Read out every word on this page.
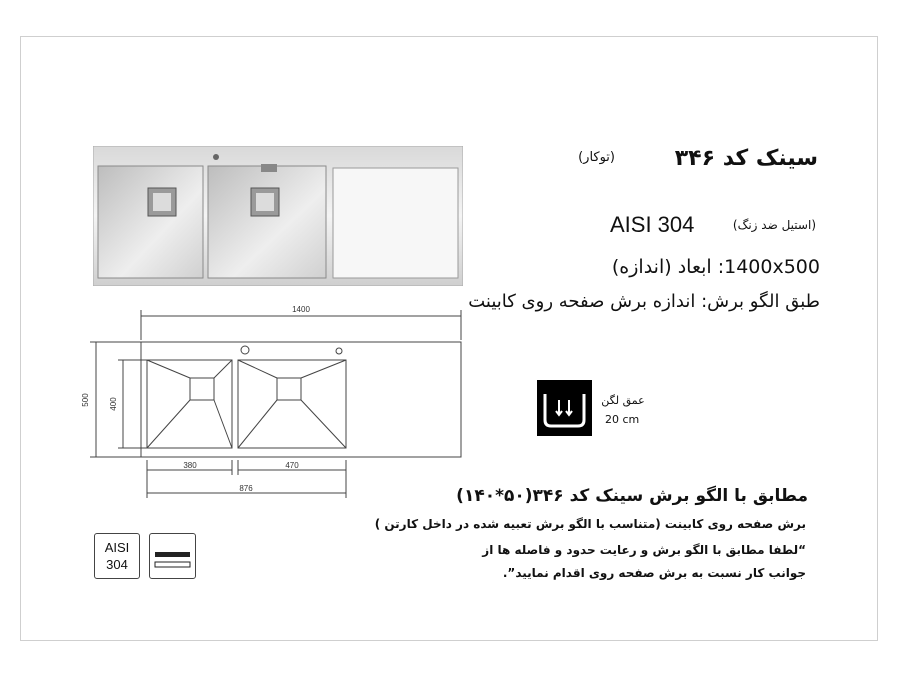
سینک کد ۳۴۶
(توکار)
AISI 304	(استیل ضد زنگ)
1400x500: ابعاد (اندازه)
طبق الگو برش: اندازه برش صفحه روی کابینت
1400
500 400
380	470
876
عمق لگن
20 cm
مطابق با الگو برش سینک کد ۳۴۶(۵۰*۱۴۰)
برش صفحه روی کابینت (متناسب با الگو برش تعبیه شده در داخل کارتن )
“لطفا مطابق با الگو برش و رعایت حدود و فاصله ها از
جوانب کار نسبت به برش صفحه روی اقدام نمایید”.
AISI
304
